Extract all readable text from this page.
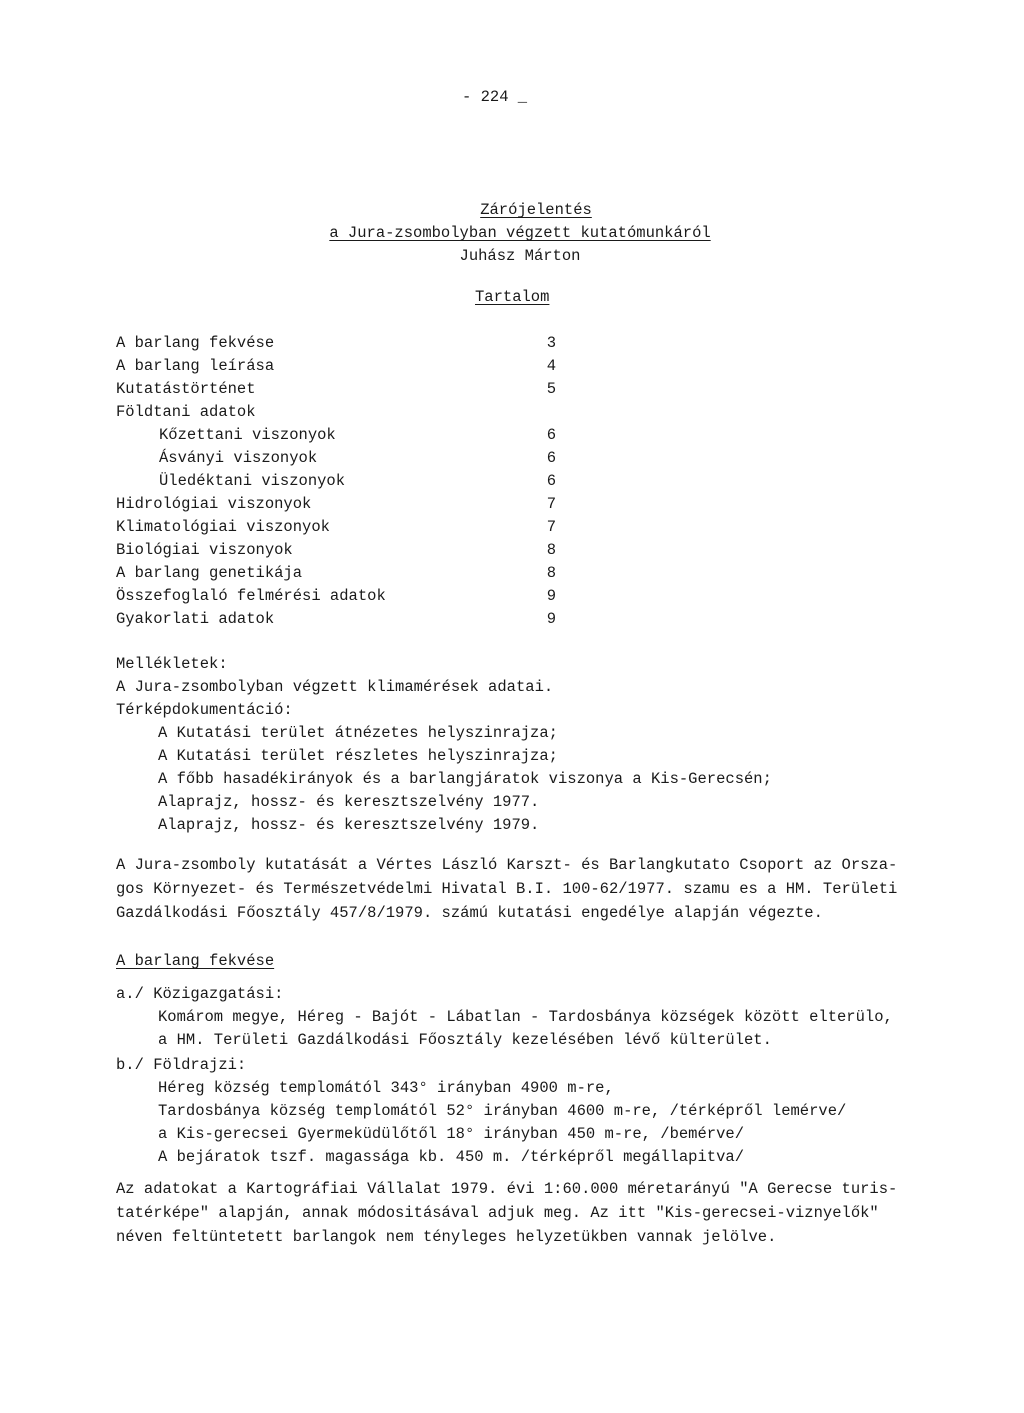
- 224 _
Zárójelentés
a Jura-zsombolyban végzett kutatómunkáról
Juhász Márton
Tartalom
A barlang fekvése	3
A barlang leírása	4
Kutatástörténet	5
Földtani adatok
Kőzettani viszonyok	6
Ásványi viszonyok	6
Üledéktani viszonyok	6
Hidrológiai viszonyok	7
Klimatológiai viszonyok	7
Biológiai viszonyok	8
A barlang genetikája	8
Összefoglaló felmérési adatok	9
Gyakorlati adatok	9
Mellékletek:
A Jura-zsombolyban végzett klimamérések adatai.
Térképdokumentáció:
A Kutatási terület átnézetes helyszinrajza;
A Kutatási terület részletes helyszinrajza;
A főbb hasadékirányok és a barlangjáratok viszonya a Kis-Gerecsén;
Alaprajz, hossz- és keresztszelvény 1977.
Alaprajz, hossz- és keresztszelvény 1979.
A Jura-zsomboly kutatását a Vértes László Karszt- és Barlangkutato Csoport az Orsza-
gos Környezet- és Természetvédelmi Hivatal B.I. 100-62/1977. szamu es a HM. Területi
Gazdálkodási Főosztály 457/8/1979. számú kutatási engedélye alapján végezte.
A barlang fekvése
a./ Közigazgatási:
Komárom megye, Héreg - Bajót - Lábatlan - Tardosbánya községek között elterülo,
a HM. Területi Gazdálkodási Főosztály kezelésében lévő külterület.
b./ Földrajzi:
Héreg község templomától 343° irányban 4900 m-re,
Tardosbánya község templomától 52° irányban 4600 m-re, /térképről lemérve/
a Kis-gerecsei Gyermeküdülőtől 18° irányban 450 m-re, /bemérve/
A bejáratok tszf. magassága kb. 450 m. /térképről megállapitva/
Az adatokat a Kartográfiai Vállalat 1979. évi 1:60.000 méretarányú "A Gerecse turis-
tatérképe" alapján, annak módositásával adjuk meg. Az itt "Kis-gerecsei-viznyelők"
néven feltüntetett barlangok nem tényleges helyzetükben vannak jelölve.
